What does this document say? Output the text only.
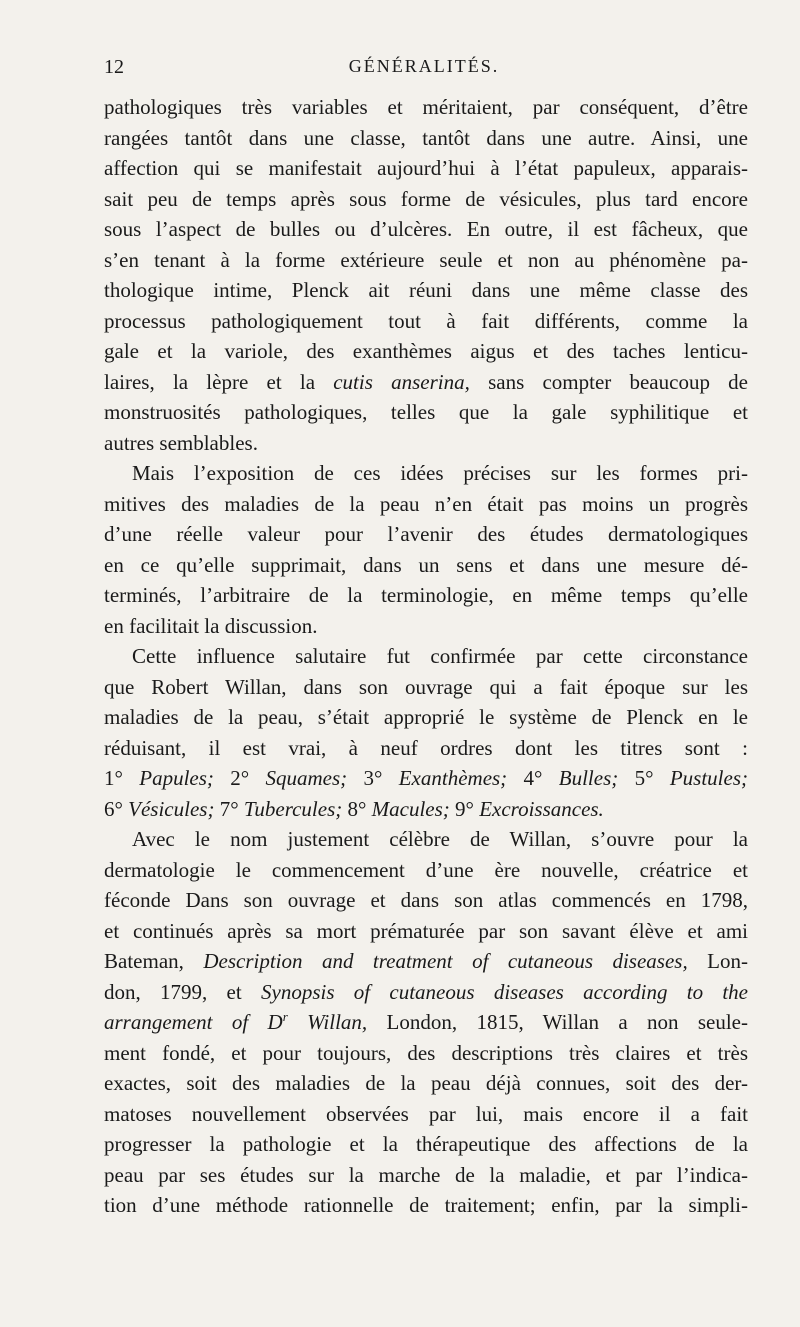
12	GÉNÉRALITÉS.
pathologiques très variables et méritaient, par conséquent, d’être
rangées tantôt dans une classe, tantôt dans une autre. Ainsi, une
affection qui se manifestait aujourd’hui à l’état papuleux, apparais-
sait peu de temps après sous forme de vésicules, plus tard encore
sous l’aspect de bulles ou d’ulcères. En outre, il est fâcheux, que
s’en tenant à la forme extérieure seule et non au phénomène pa-
thologique intime, Plenck ait réuni dans une même classe des
processus pathologiquement tout à fait différents, comme la
gale et la variole, des exanthèmes aigus et des taches lenticu-
laires, la lèpre et la cutis anserina, sans compter beaucoup de
monstruosités pathologiques, telles que la gale syphilitique et
autres semblables.
Mais l’exposition de ces idées précises sur les formes pri-
mitives des maladies de la peau n’en était pas moins un progrès
d’une réelle valeur pour l’avenir des études dermatologiques
en ce qu’elle supprimait, dans un sens et dans une mesure dé-
terminés, l’arbitraire de la terminologie, en même temps qu’elle
en facilitait la discussion.
Cette influence salutaire fut confirmée par cette circonstance
que Robert Willan, dans son ouvrage qui a fait époque sur les
maladies de la peau, s’était approprié le système de Plenck en le
réduisant, il est vrai, à neuf ordres dont les titres sont :
1° Papules; 2° Squames; 3° Exanthèmes; 4° Bulles; 5° Pustules;
6° Vésicules; 7° Tubercules; 8° Macules; 9° Excroissances.
Avec le nom justement célèbre de Willan, s’ouvre pour la
dermatologie le commencement d’une ère nouvelle, créatrice et
féconde Dans son ouvrage et dans son atlas commencés en 1798,
et continués après sa mort prématurée par son savant élève et ami
Bateman, Description and treatment of cutaneous diseases, Lon-
don, 1799, et Synopsis of cutaneous diseases according to the
arrangement of $D^r$ Willan, London, 1815, Willan a non seule-
ment fondé, et pour toujours, des descriptions très claires et très
exactes, soit des maladies de la peau déjà connues, soit des der-
matoses nouvellement observées par lui, mais encore il a fait
progresser la pathologie et la thérapeutique des affections de la
peau par ses études sur la marche de la maladie, et par l’indica-
tion d’une méthode rationnelle de traitement; enfin, par la simpli-
